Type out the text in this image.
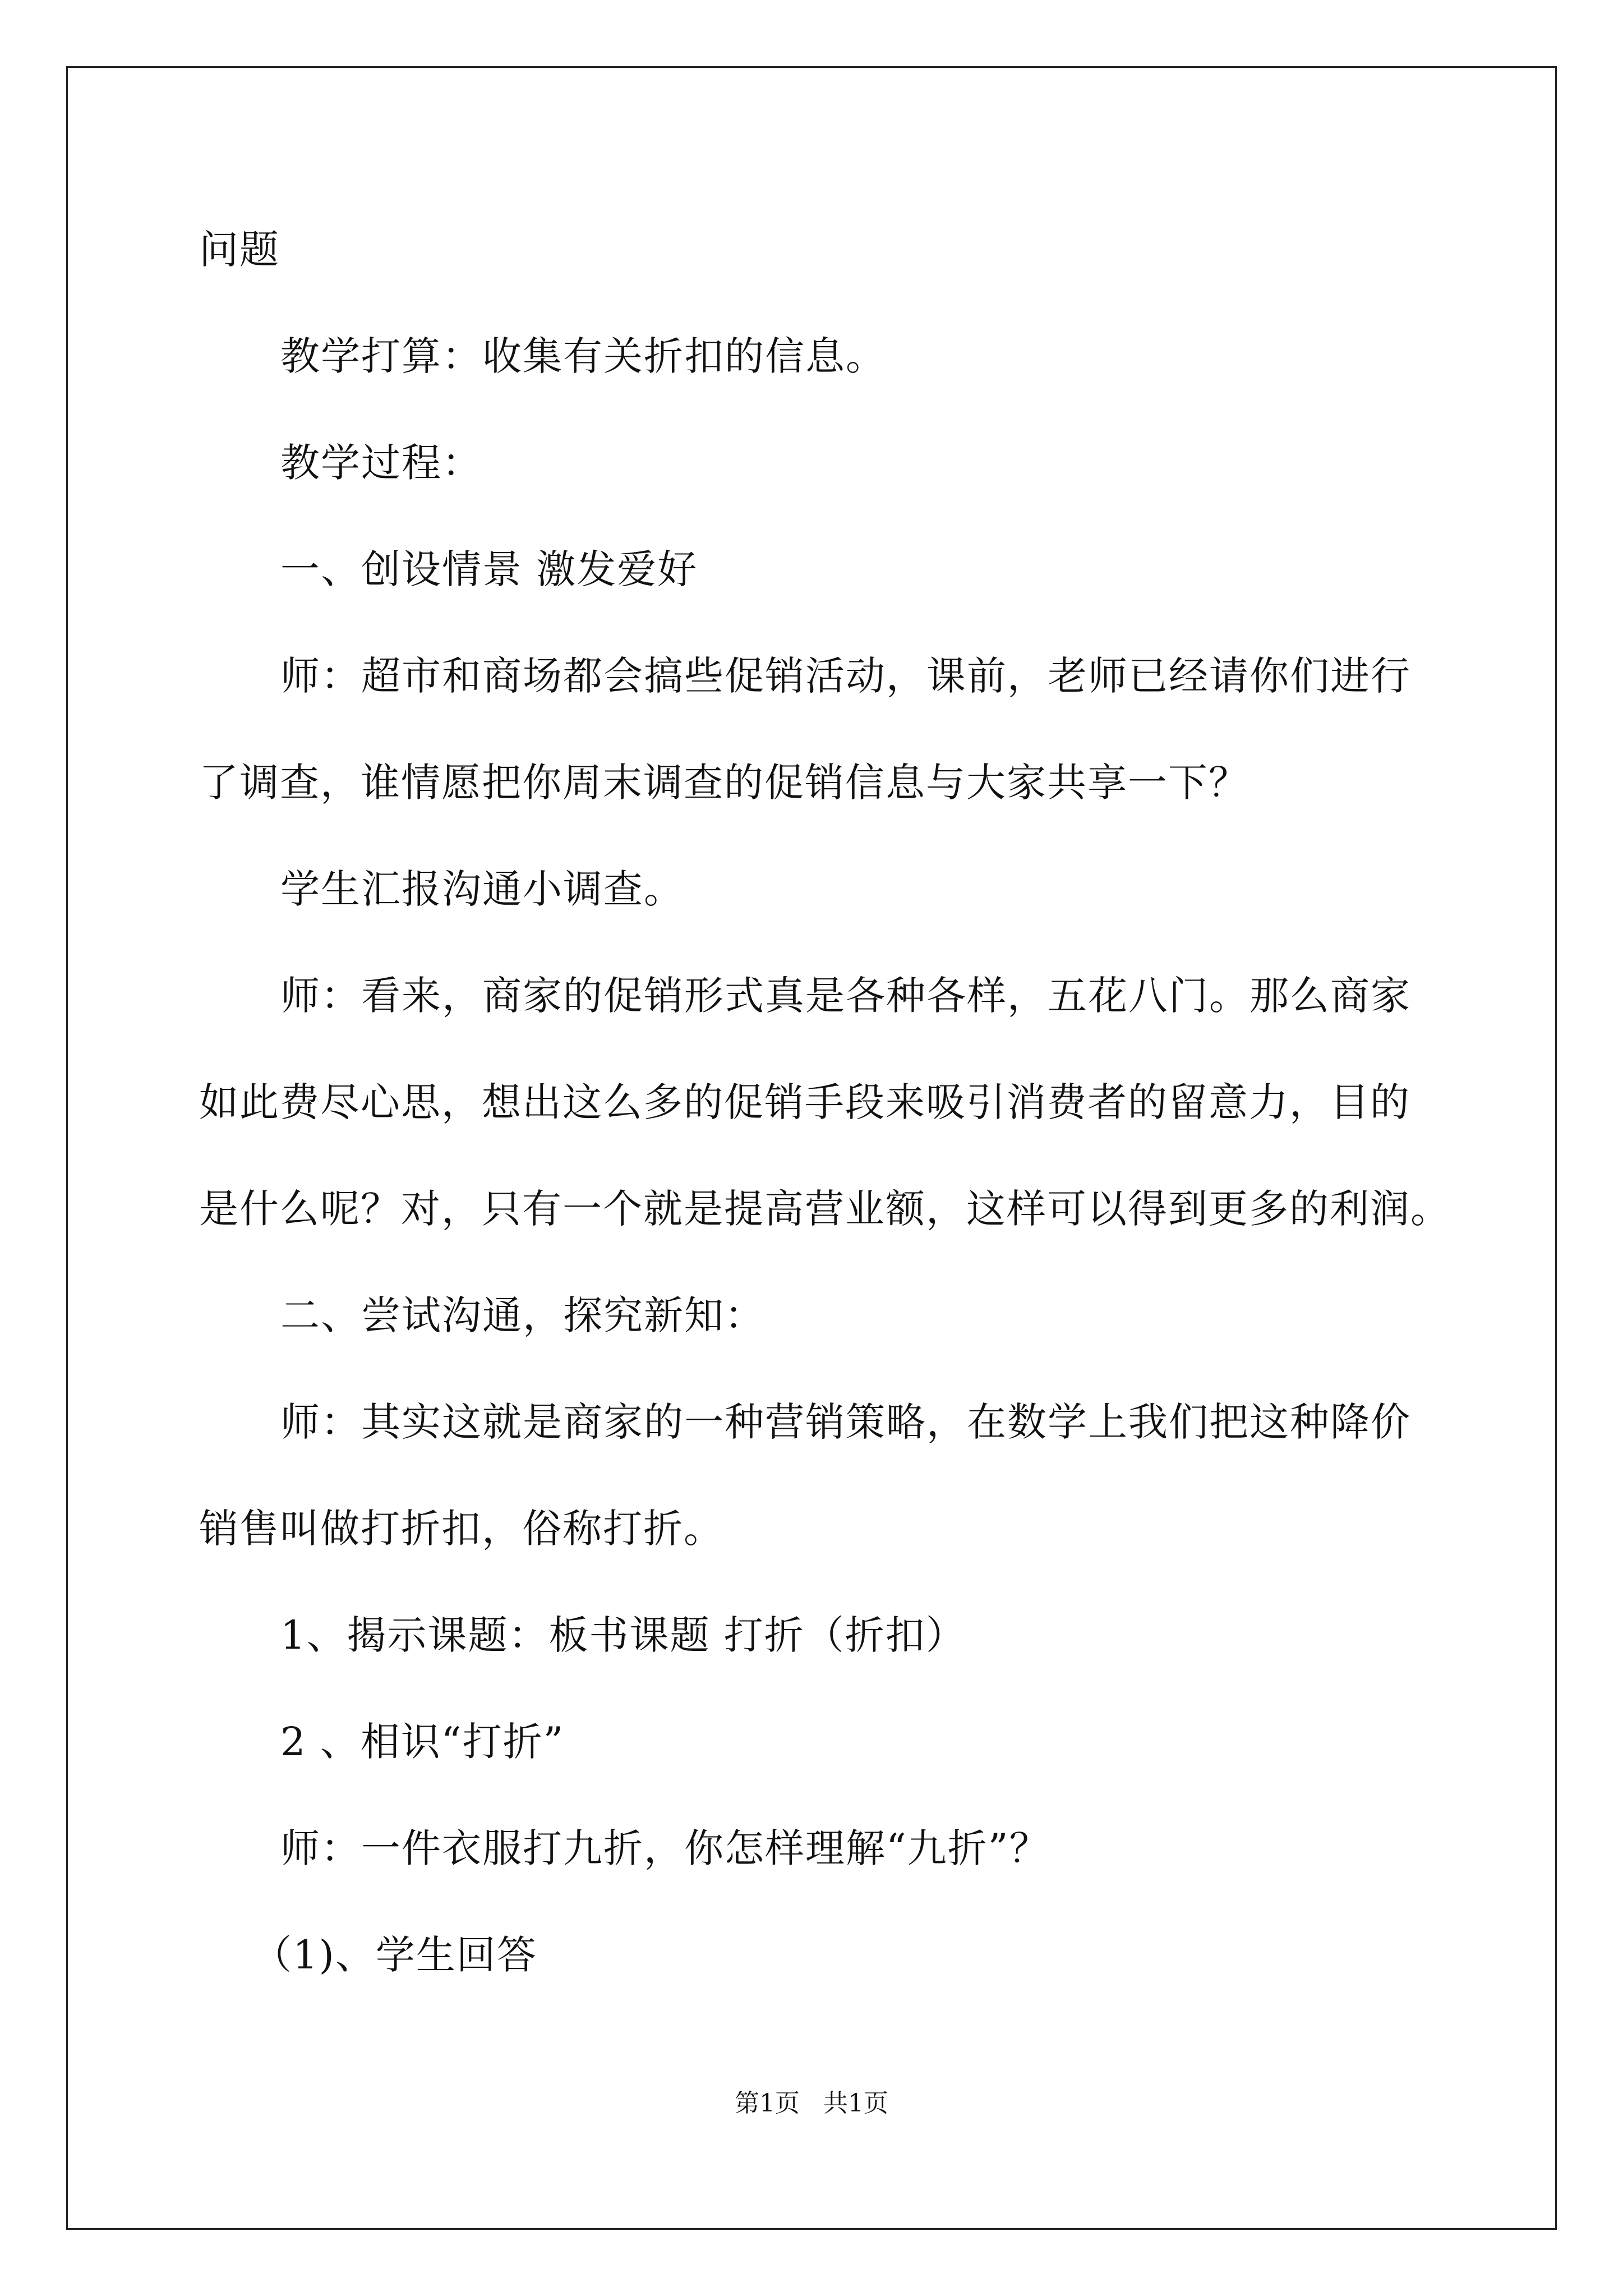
问题
教学打算：收集有关折扣的信息。
教学过程：
一、创设情景 激发爱好
师：超市和商场都会搞些促销活动，课前，老师已经请你们进行
了调查，谁情愿把你周末调查的促销信息与大家共享一下？
学生汇报沟通小调查。
师：看来，商家的促销形式真是各种各样，五花八门。那么商家
如此费尽心思，想出这么多的促销手段来吸引消费者的留意力，目的
是什么呢？对，只有一个就是提高营业额，这样可以得到更多的利润。
二、尝试沟通，探究新知：
师：其实这就是商家的一种营销策略，在数学上我们把这种降价
销售叫做打折扣，俗称打折。
1、揭示课题：板书课题 打折（折扣）
2 、相识“打折”
师：一件衣服打九折，你怎样理解“九折”？
（1)、学生回答
第1页   共1页
